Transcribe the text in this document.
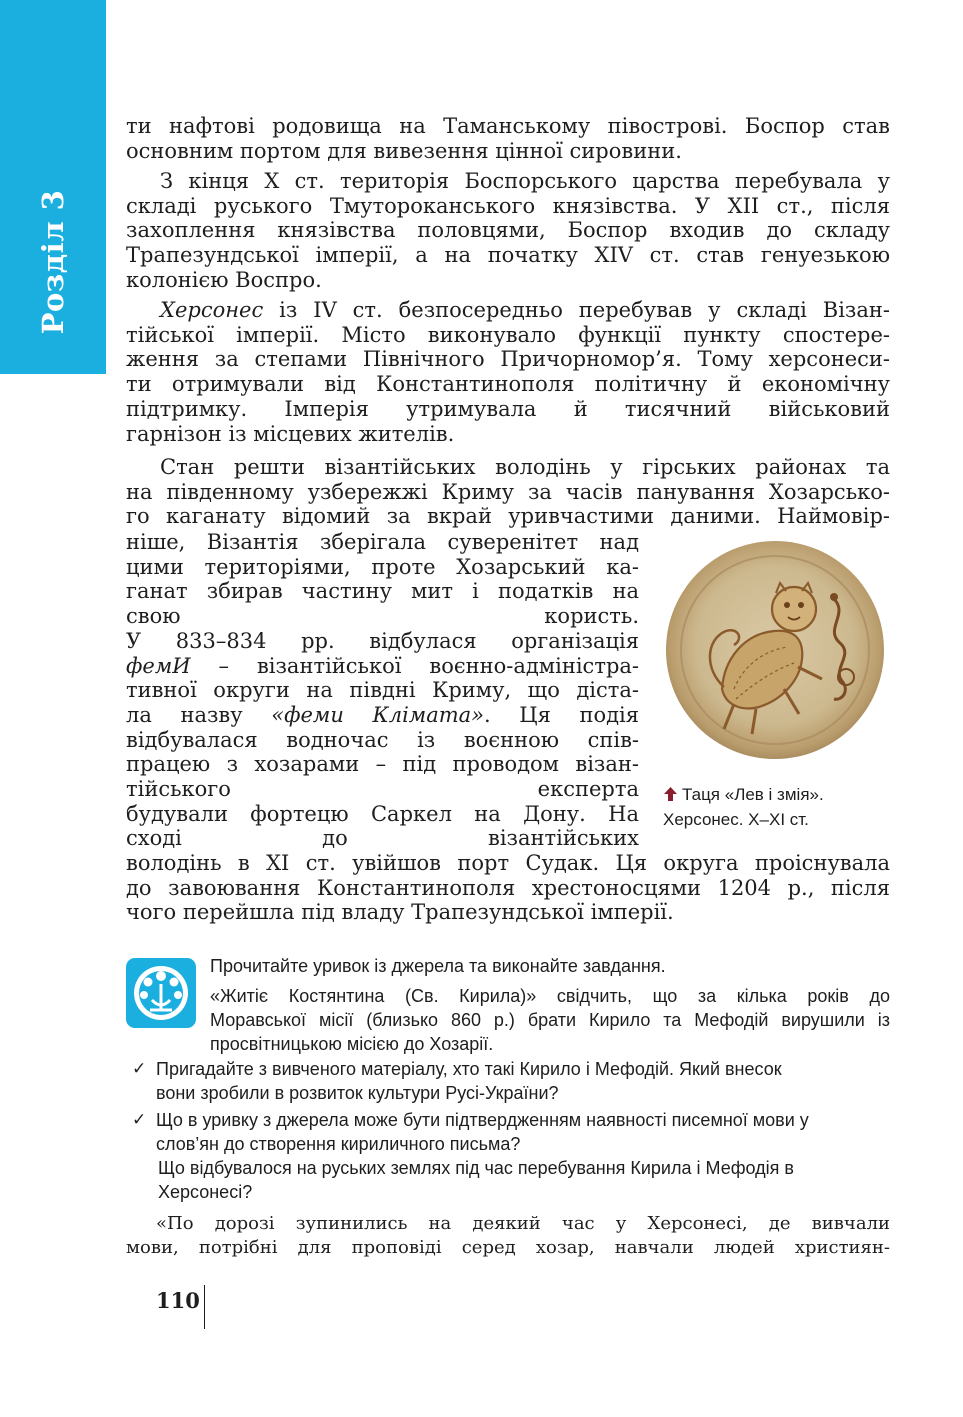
Розділ 3
ти нафтові родовища на Таманському півострові. Боспор став
основним портом для вивезення цінної сировини.
З кінця X ст. територія Боспорського царства перебувала у
складі руського Тмутороканського князівства. У XII ст., після
захоплення князівства половцями, Боспор входив до складу
Трапезундської імперії, а на початку XIV ст. став генуезькою
колонією Воспро.
Херсонес із IV ст. безпосередньо перебував у складі Візан-
тійської імперії. Місто виконувало функції пункту спостере-
ження за степами Північного Причорномор’я. Тому херсонеси-
ти отримували від Константинополя політичну й економічну
підтримку. Імперія утримувала й тисячний військовий
гарнізон із місцевих жителів.
Стан решти візантійських володінь у гірських районах та
на південному узбережжі Криму за часів панування Хозарсько-
го каганату відомий за вкрай уривчастими даними. Наймовір-
ніше, Візантія зберігала суверенітет над
цими територіями, проте Хозарський ка-
ганат збирав частину мит і податків на
свою користь.
У 833–834 рр. відбулася організація
фемИ – візантійської воєнно-адміністра-
тивної округи на півдні Криму, що діста-
ла назву «феми Клімата». Ця подія
відбувалася водночас із воєнною спів-
працею з хозарами – під проводом візан-
тійського експерта
будували фортецю Саркел на Дону. На
сході до візантійських
володінь в XI ст. увійшов порт Судак. Ця округа проіснувала
до завоювання Константинополя хрестоносцями 1204 р., після
чого перейшла під владу Трапезундської імперії.
Таця «Лев і змія».
Херсонес. X–XI ст.
Прочитайте уривок із джерела та виконайте завдання.
«Житіє Костянтина (Св. Кирила)» свідчить, що за кілька років до
Моравської місії (близько 860 р.) брати Кирило та Мефодій вирушили із
просвітницькою місією до Хозарії.
✓ Пригадайте з вивченого матеріалу, хто такі Кирило і Мефодій. Який внесок
вони зробили в розвиток культури Русі-України?
✓ Що в уривку з джерела може бути підтвердженням наявності писемної мови у
слов’ян до створення кириличного письма?
Що відбувалося на руських землях під час перебування Кирила і Мефодія в
Херсонесі?
«По дорозі зупинились на деякий час у Херсонесі, де вивчали
мови, потрібні для проповіді серед хозар, навчали людей християн-
110
